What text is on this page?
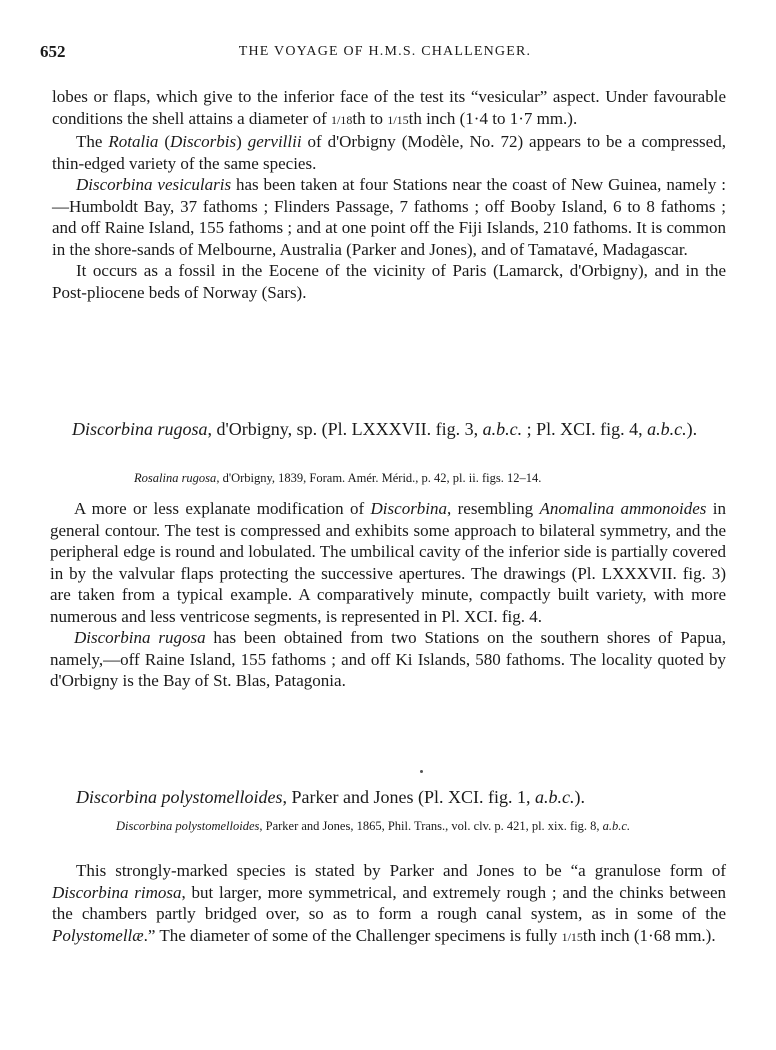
652	THE VOYAGE OF H.M.S. CHALLENGER.

lobes or flaps, which give to the inferior face of the test its “vesicular” aspect. Under favourable conditions the shell attains a diameter of 1/18th to 1/15th inch (1·4 to 1·7 mm.).

The Rotalia (Discorbis) gervillii of d'Orbigny (Modèle, No. 72) appears to be a compressed, thin-edged variety of the same species.

Discorbina vesicularis has been taken at four Stations near the coast of New Guinea, namely :—Humboldt Bay, 37 fathoms ; Flinders Passage, 7 fathoms ; off Booby Island, 6 to 8 fathoms ; and off Raine Island, 155 fathoms ; and at one point off the Fiji Islands, 210 fathoms. It is common in the shore-sands of Melbourne, Australia (Parker and Jones), and of Tamatavé, Madagascar.

It occurs as a fossil in the Eocene of the vicinity of Paris (Lamarck, d'Orbigny), and in the Post-pliocene beds of Norway (Sars).

Discorbina rugosa, d'Orbigny, sp. (Pl. LXXXVII. fig. 3, a.b.c. ; Pl. XCI. fig. 4, a.b.c.).

Rosalina rugosa, d'Orbigny, 1839, Foram. Amér. Mérid., p. 42, pl. ii. figs. 12–14.

A more or less explanate modification of Discorbina, resembling Anomalina ammonoides in general contour. The test is compressed and exhibits some approach to bilateral symmetry, and the peripheral edge is round and lobulated. The umbilical cavity of the inferior side is partially covered in by the valvular flaps protecting the successive apertures. The drawings (Pl. LXXXVII. fig. 3) are taken from a typical example. A comparatively minute, compactly built variety, with more numerous and less ventricose segments, is represented in Pl. XCI. fig. 4.

Discorbina rugosa has been obtained from two Stations on the southern shores of Papua, namely,—off Raine Island, 155 fathoms ; and off Ki Islands, 580 fathoms. The locality quoted by d'Orbigny is the Bay of St. Blas, Patagonia.

Discorbina polystomelloides, Parker and Jones (Pl. XCI. fig. 1, a.b.c.).

Discorbina polystomelloides, Parker and Jones, 1865, Phil. Trans., vol. clv. p. 421, pl. xix. fig. 8, a.b.c.

This strongly-marked species is stated by Parker and Jones to be “a granulose form of Discorbina rimosa, but larger, more symmetrical, and extremely rough ; and the chinks between the chambers partly bridged over, so as to form a rough canal system, as in some of the Polystomellæ.” The diameter of some of the Challenger specimens is fully 1/15th inch (1·68 mm.).
